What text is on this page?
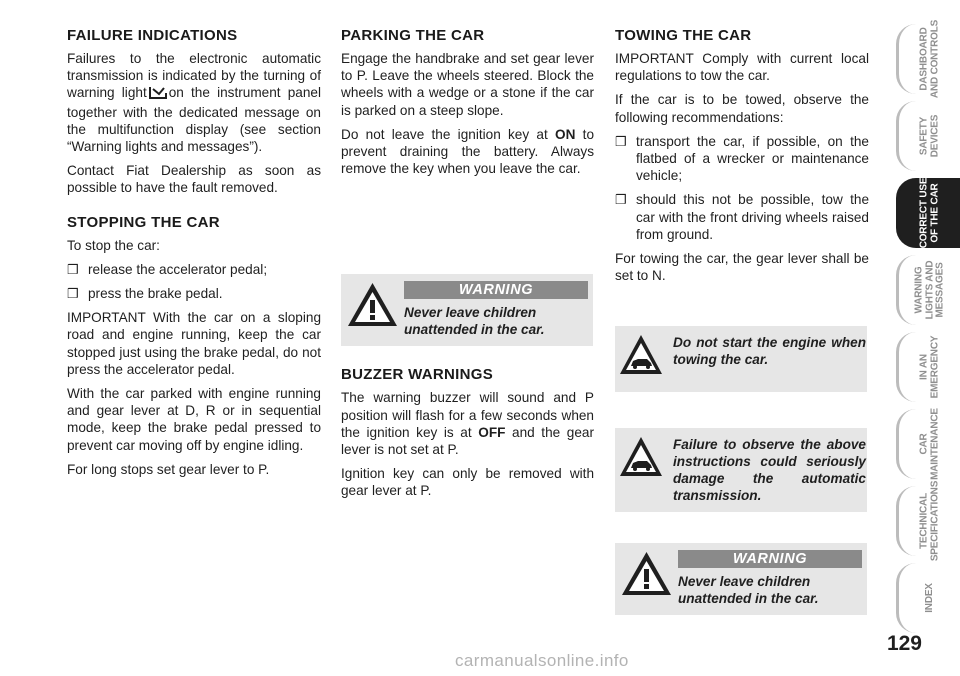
FAILURE INDICATIONS

Failures to the electronic automatic transmission is indicated by the turning of warning light on the instrument panel together with the dedicated message on the multifunction display (see section “Warning lights and messages”).

Contact Fiat Dealership as soon as possible to have the fault removed.

STOPPING THE CAR

To stop the car:

❒ release the accelerator pedal;
❒ press the brake pedal.

IMPORTANT With the car on a sloping road and engine running, keep the car stopped just using the brake pedal, do not press the accelerator pedal.

With the car parked with engine running and gear lever at D, R or in sequential mode, keep the brake pedal pressed to prevent car moving off by engine idling.

For long stops set gear lever to P.

PARKING THE CAR

Engage the handbrake and set gear lever to P. Leave the wheels steered. Block the wheels with a wedge or a stone if the car is parked on a steep slope.

Do not leave the ignition key at ON to prevent draining the battery. Always remove the key when you leave the car.

BUZZER WARNINGS

The warning buzzer will sound and P position will flash for a few seconds when the ignition key is at OFF and the gear lever is not set at P.

Ignition key can only be removed with gear lever at P.

WARNING
Never leave children unattended in the car.
TOWING THE CAR

IMPORTANT Comply with current local regulations to tow the car.

If the car is to be towed, observe the following recommendations:

❒ transport the car, if possible, on the flatbed of a wrecker or maintenance vehicle;
❒ should this not be possible, tow the car with the front driving wheels raised from ground.

For towing the car, the gear lever shall be set to N.

Do not start the engine when towing the car.
Failure to observe the above instructions could seriously damage the automatic transmission.
WARNING
Never leave children unattended in the car.
DASHBOARD
AND CONTROLS
SAFETY
DEVICES
CORRECT USE
OF THE CAR
WARNING
LIGHTS AND
MESSAGES
IN AN
EMERGENCY
CAR
MAINTENANCE
TECHNICAL
SPECIFICATIONS
INDEX
129
carmanualsonline.info
